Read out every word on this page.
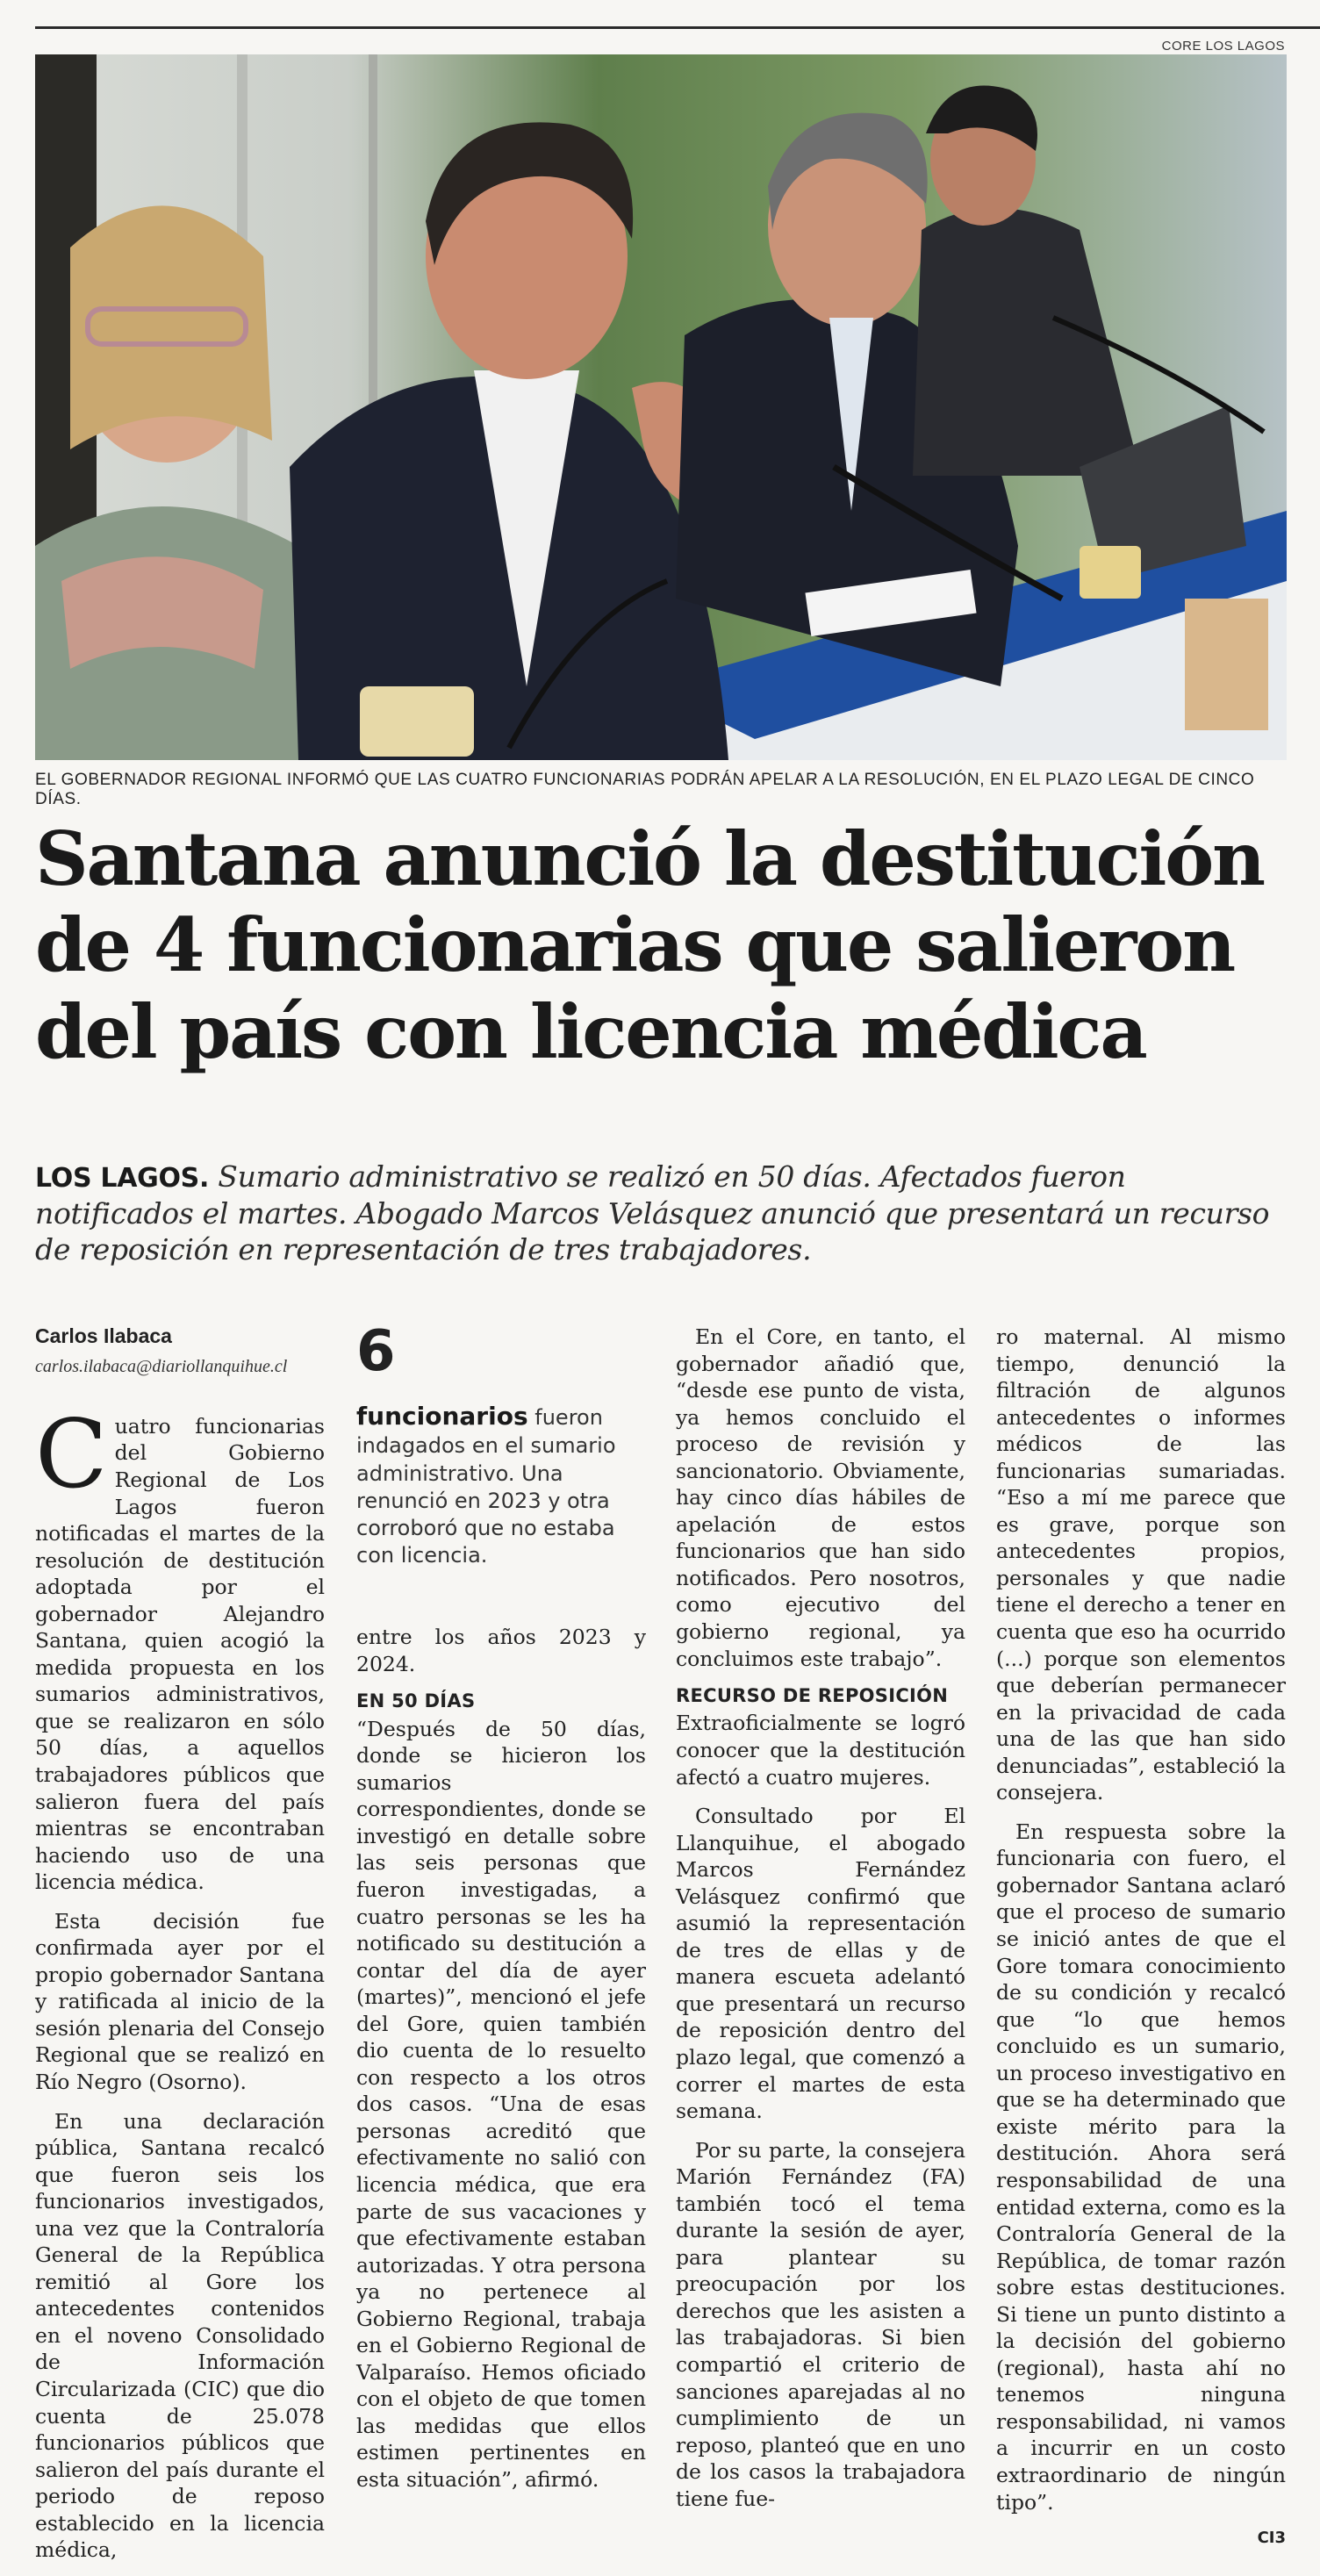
CORE LOS LAGOS
EL GOBERNADOR REGIONAL INFORMÓ QUE LAS CUATRO FUNCIONARIAS PODRÁN APELAR A LA RESOLUCIÓN, EN EL PLAZO LEGAL DE CINCO DÍAS.
Santana anunció la destitución
de 4 funcionarias que salieron
del país con licencia médica
LOS LAGOS. Sumario administrativo se realizó en 50 días. Afectados fueron notificados el martes. Abogado Marcos Velásquez anunció que presentará un recurso de reposición en representación de tres trabajadores.
Carlos Ilabaca
carlos.ilabaca@diariollanquihue.cl

Cuatro funcionarias del Gobierno Regional de Los Lagos fueron notificadas el martes de la resolución de destitución adoptada por el gobernador Alejandro Santana, quien acogió la medida propuesta en los sumarios administrativos, que se realizaron en sólo 50 días, a aquellos trabajadores públicos que salieron fuera del país mientras se encontraban haciendo uso de una licencia médica.

Esta decisión fue confirmada ayer por el propio gobernador Santana y ratificada al inicio de la sesión plenaria del Consejo Regional que se realizó en Río Negro (Osorno).

En una declaración pública, Santana recalcó que fueron seis los funcionarios investigados, una vez que la Contraloría General de la República remitió al Gore los antecedentes contenidos en el noveno Consolidado de Información Circularizada (CIC) que dio cuenta de 25.078 funcionarios públicos que salieron del país durante el periodo de reposo establecido en la licencia médica,

6
funcionarios fueron indagados en el sumario administrativo. Una renunció en 2023 y otra corroboró que no estaba con licencia.

entre los años 2023 y 2024.

EN 50 DÍAS

“Después de 50 días, donde se hicieron los sumarios correspondientes, donde se investigó en detalle sobre las seis personas que fueron investigadas, a cuatro personas se les ha notificado su destitución a contar del día de ayer (martes)”, mencionó el jefe del Gore, quien también dio cuenta de lo resuelto con respecto a los otros dos casos. “Una de esas personas acreditó que efectivamente no salió con licencia médica, que era parte de sus vacaciones y que efectivamente estaban autorizadas. Y otra persona ya no pertenece al Gobierno Regional, trabaja en el Gobierno Regional de Valparaíso. Hemos oficiado con el objeto de que tomen las medidas que ellos estimen pertinentes en esta situación”, afirmó.

En el Core, en tanto, el gobernador añadió que, “desde ese punto de vista, ya hemos concluido el proceso de revisión y sancionatorio. Obviamente, hay cinco días hábiles de apelación de estos funcionarios que han sido notificados. Pero nosotros, como ejecutivo del gobierno regional, ya concluimos este trabajo”.

RECURSO DE REPOSICIÓN

Extraoficialmente se logró conocer que la destitución afectó a cuatro mujeres.

Consultado por El Llanquihue, el abogado Marcos Fernández Velásquez confirmó que asumió la representación de tres de ellas y de manera escueta adelantó que presentará un recurso de reposición dentro del plazo legal, que comenzó a correr el martes de esta semana.

Por su parte, la consejera Marión Fernández (FA) también tocó el tema durante la sesión de ayer, para plantear su preocupación por los derechos que les asisten a las trabajadoras. Si bien compartió el criterio de sanciones aparejadas al no cumplimiento de un reposo, planteó que en uno de los casos la trabajadora tiene fue-

ro maternal. Al mismo tiempo, denunció la filtración de algunos antecedentes o informes médicos de las funcionarias sumariadas. “Eso a mí me parece que es grave, porque son antecedentes propios, personales y que nadie tiene el derecho a tener en cuenta que eso ha ocurrido (...) porque son elementos que deberían permanecer en la privacidad de cada una de las que han sido denunciadas”, estableció la consejera.

En respuesta sobre la funcionaria con fuero, el gobernador Santana aclaró que el proceso de sumario se inició antes de que el Gore tomara conocimiento de su condición y recalcó que “lo que hemos concluido es un sumario, un proceso investigativo en que se ha determinado que existe mérito para la destitución. Ahora será responsabilidad de una entidad externa, como es la Contraloría General de la República, de tomar razón sobre estas destituciones. Si tiene un punto distinto a la decisión del gobierno (regional), hasta ahí no tenemos ninguna responsabilidad, ni vamos a incurrir en un costo extraordinario de ningún tipo”.

CI3
